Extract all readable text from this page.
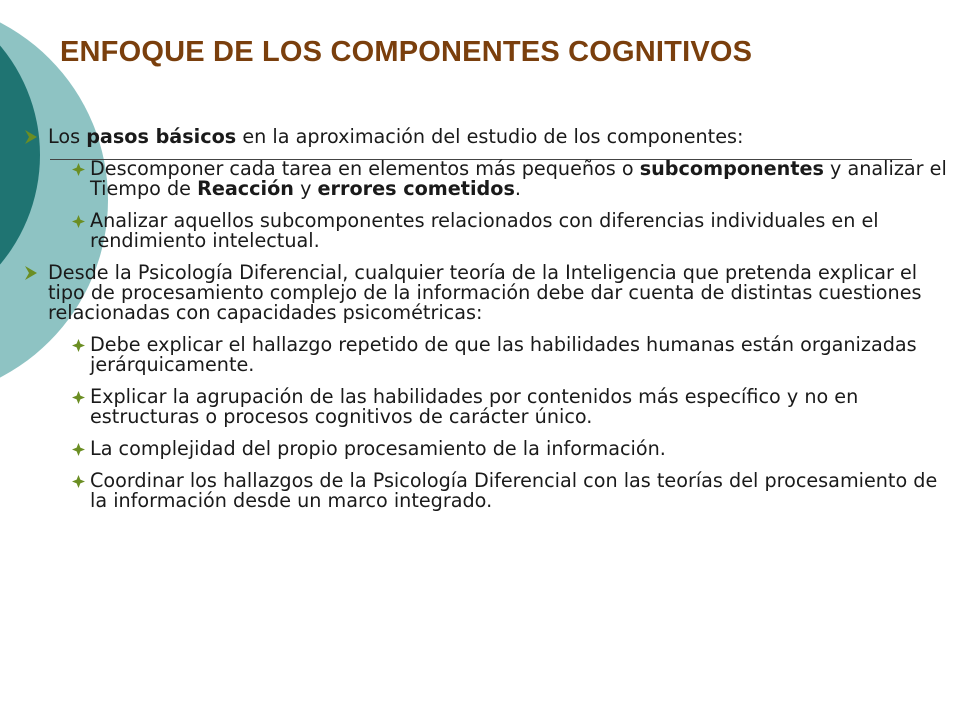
ENFOQUE DE LOS COMPONENTES COGNITIVOS
Los pasos básicos en la aproximación del estudio de los componentes:
Descomponer cada tarea en elementos más pequeños o subcomponentes y analizar el Tiempo de Reacción y errores cometidos.
Analizar aquellos subcomponentes relacionados con diferencias individuales en el rendimiento intelectual.
Desde la Psicología Diferencial, cualquier teoría de la Inteligencia que pretenda explicar el tipo de procesamiento complejo de la información debe dar cuenta de distintas cuestiones relacionadas con capacidades psicométricas:
Debe explicar el hallazgo repetido de que las habilidades humanas están organizadas jerárquicamente.
Explicar la agrupación de las habilidades por contenidos más específico y no en estructuras o procesos cognitivos de carácter único.
La complejidad del propio procesamiento de la información.
Coordinar los hallazgos de la Psicología Diferencial con las teorías del procesamiento de la información desde un marco integrado.
